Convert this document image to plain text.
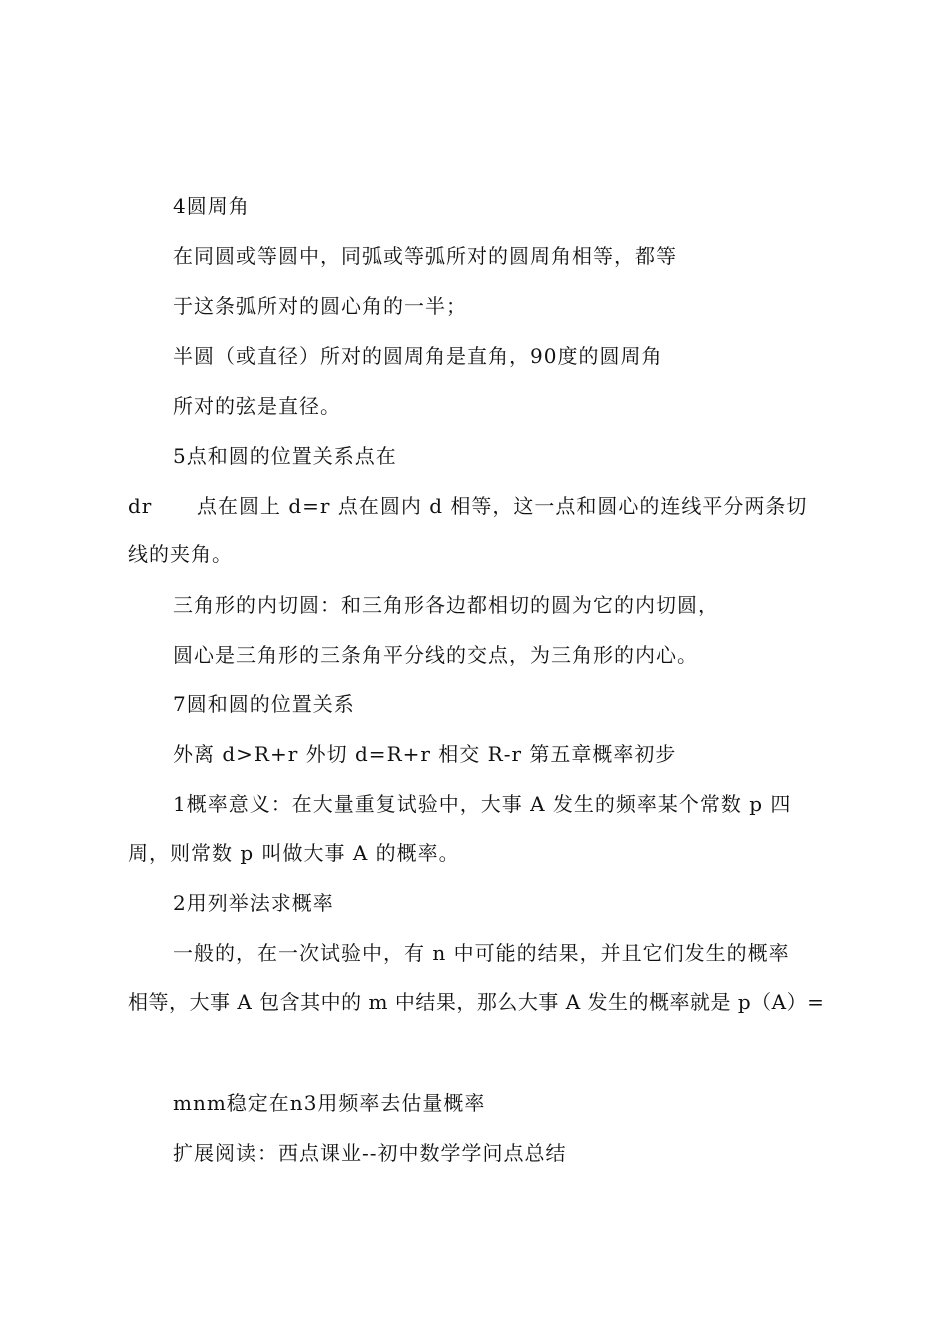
4圆周角
在同圆或等圆中，同弧或等弧所对的圆周角相等，都等
于这条弧所对的圆心角的一半；
半圆（或直径）所对的圆周角是直角，90度的圆周角
所对的弦是直径。
5点和圆的位置关系点在
dr 点在圆上 d=r 点在圆内 d 相等，这一点和圆心的连线平分两条切
线的夹角。
三角形的内切圆：和三角形各边都相切的圆为它的内切圆，
圆心是三角形的三条角平分线的交点，为三角形的内心。
7圆和圆的位置关系
外离 d>R+r 外切 d=R+r 相交 R-r 第五章概率初步
1概率意义：在大量重复试验中，大事 A 发生的频率某个常数 p 四
周，则常数 p 叫做大事 A 的概率。
2用列举法求概率
一般的，在一次试验中，有 n 中可能的结果，并且它们发生的概率
相等，大事 A 包含其中的 m 中结果，那么大事 A 发生的概率就是 p（A）=
mnm稳定在n3用频率去估量概率
扩展阅读：西点课业--初中数学学问点总结
